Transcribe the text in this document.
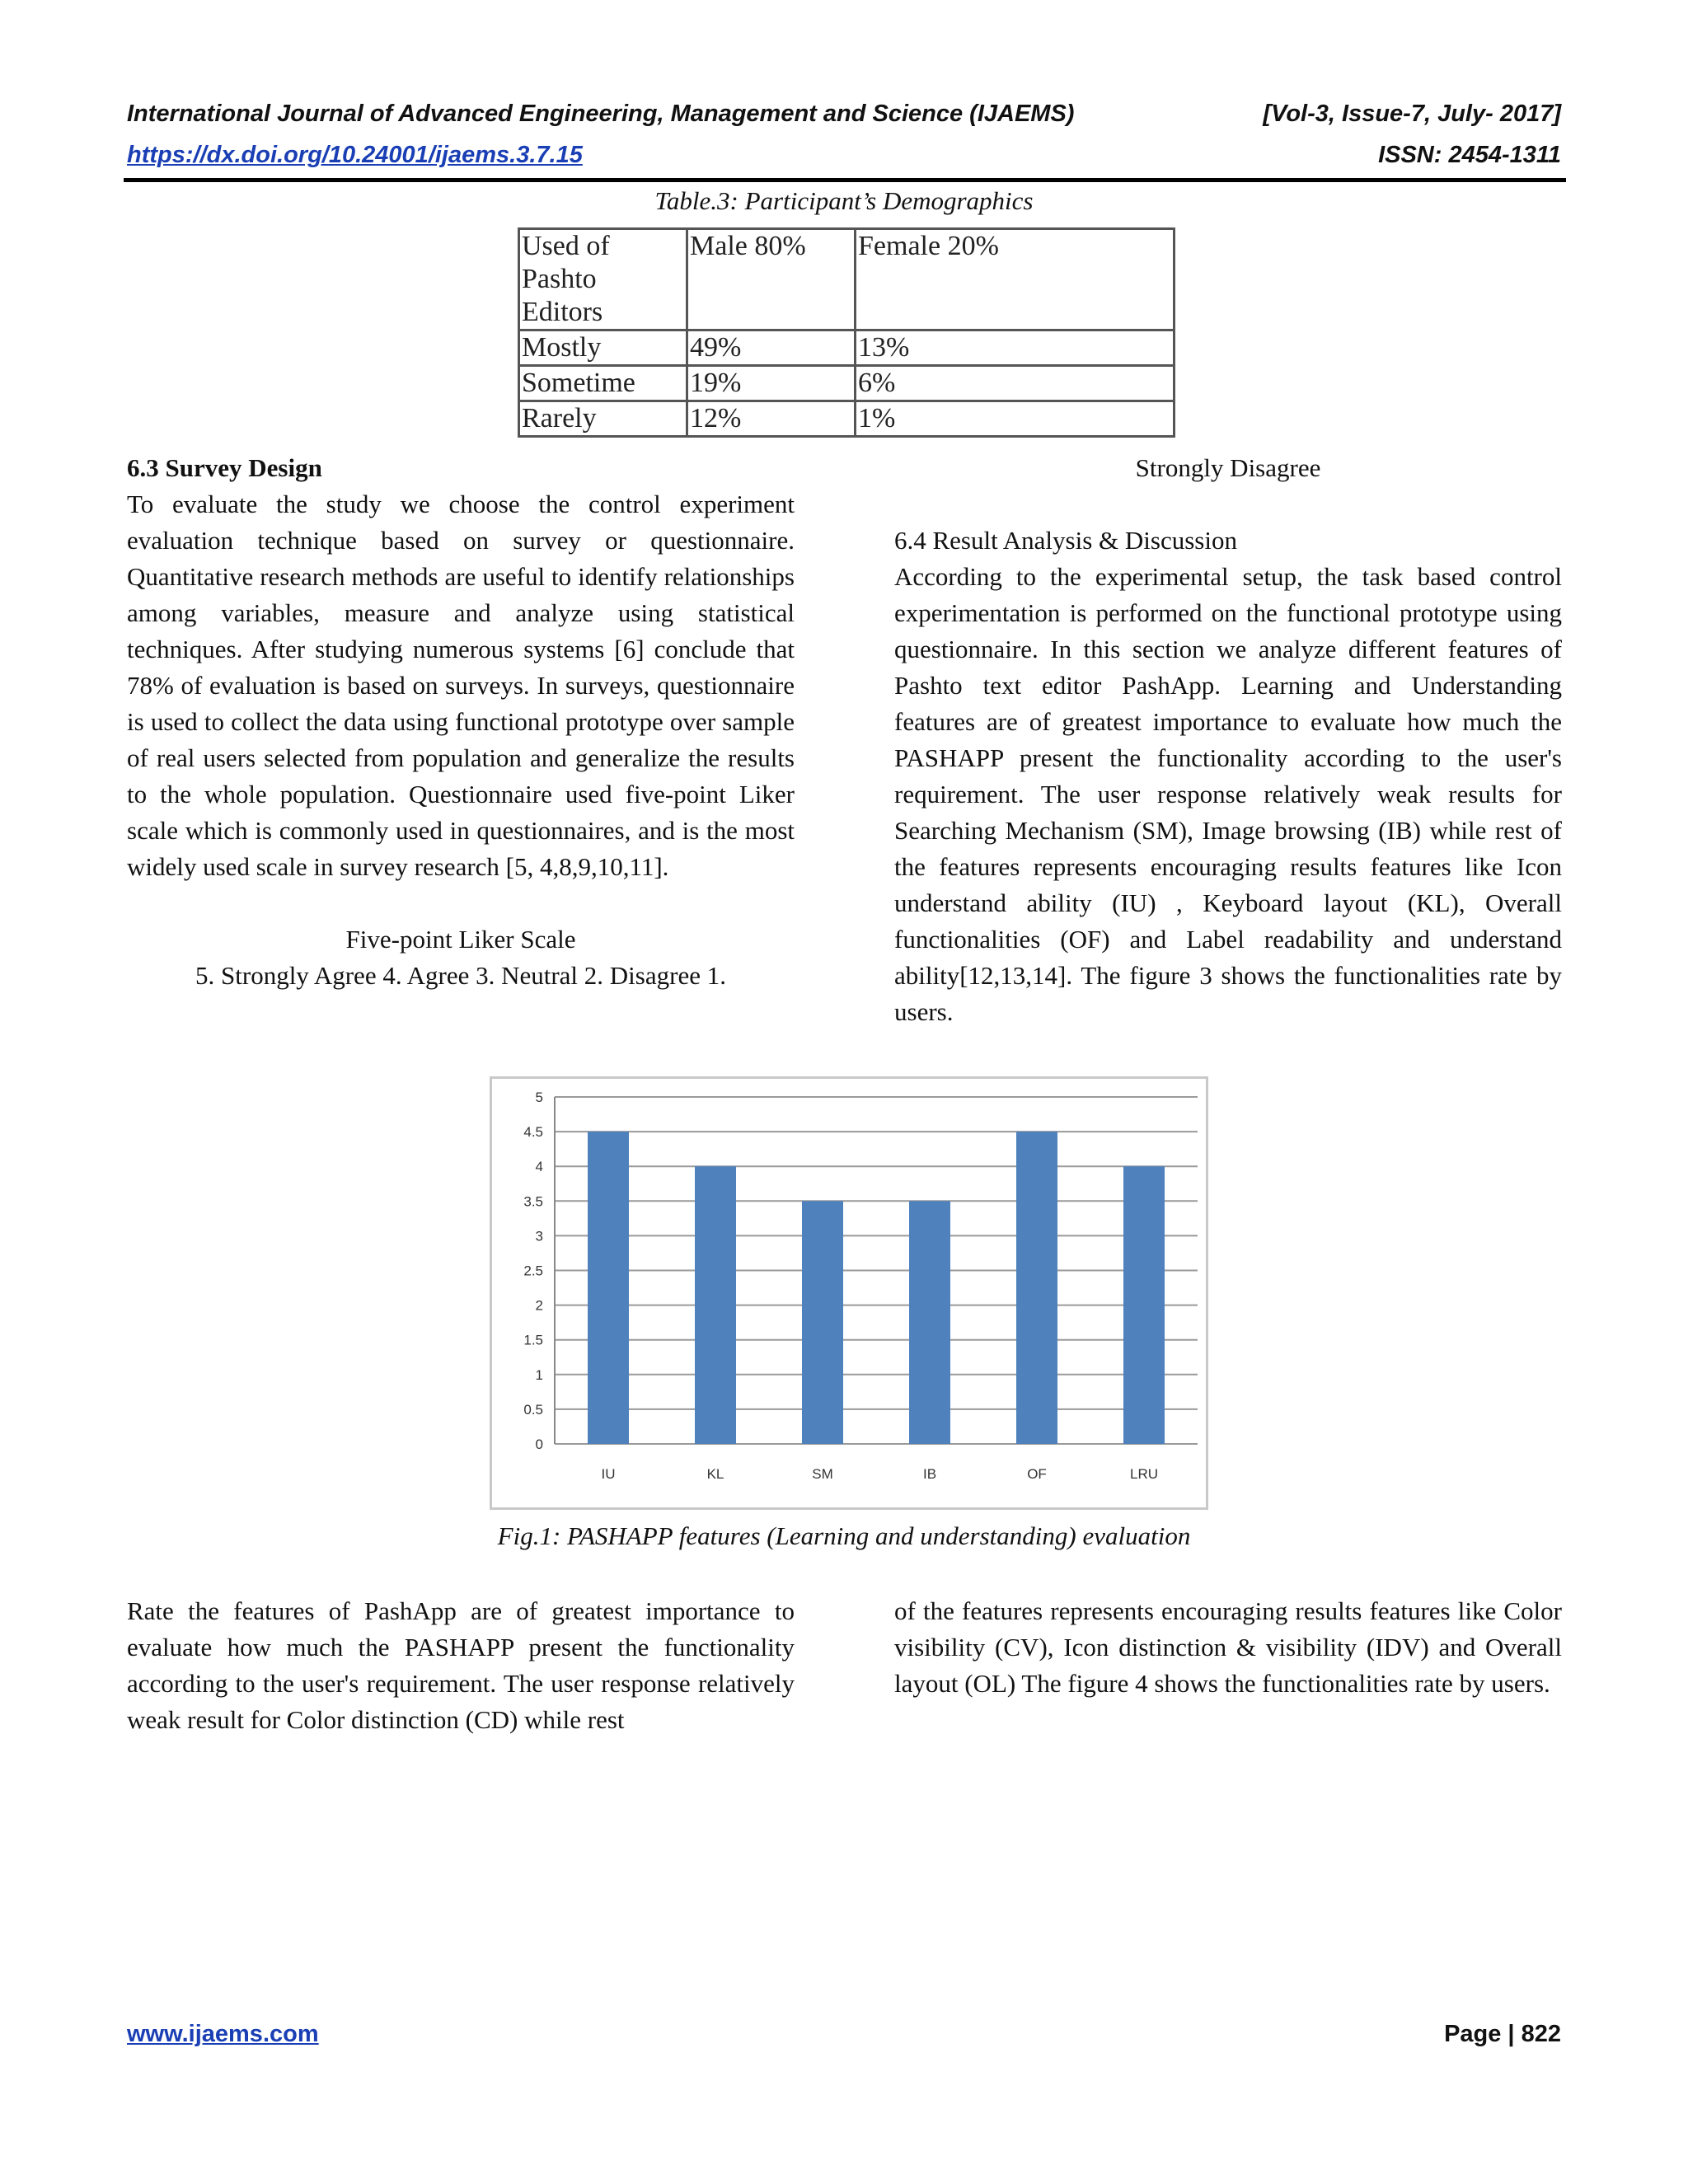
International Journal of Advanced Engineering, Management and Science (IJAEMS)	[Vol-3, Issue-7, July- 2017]
https://dx.doi.org/10.24001/ijaems.3.7.15	ISSN: 2454-1311
Table.3: Participant’s Demographics
Used of Pashto Editors	Male 80%	Female 20%
Mostly	49%	13%
Sometime	19%	6%
Rarely	12%	1%

6.3 Survey Design

To evaluate the study we choose the control experiment evaluation technique based on survey or questionnaire. Quantitative research methods are useful to identify relationships among variables, measure and analyze using statistical techniques. After studying numerous systems [6] conclude that 78% of evaluation is based on surveys. In surveys, questionnaire is used to collect the data using functional prototype over sample of real users selected from population and generalize the results to the whole population. Questionnaire used five-point Liker scale which is commonly used in questionnaires, and is the most widely used scale in survey research [5, 4,8,9,10,11].

Five-point Liker Scale

5. Strongly Agree 4. Agree 3. Neutral 2. Disagree 1.

Strongly Disagree

6.4 Result Analysis & Discussion

According to the experimental setup, the task based control experimentation is performed on the functional prototype using questionnaire. In this section we analyze different features of Pashto text editor PashApp. Learning and Understanding features are of greatest importance to evaluate how much the PASHAPP present the functionality according to the user's requirement. The user response relatively weak results for Searching Mechanism (SM), Image browsing (IB) while rest of the features represents encouraging results features like Icon understand ability (IU) , Keyboard layout (KL), Overall functionalities (OF) and Label readability and understand ability[12,13,14]. The figure 3 shows the functionalities rate by users.

0
0.5
1
1.5
2
2.5
3
3.5
4
4.5
5
IU	KL	SM	IB	OF	LRU
Fig.1: PASHAPP features (Learning and understanding) evaluation
Rate the features of PashApp are of greatest importance to evaluate how much the PASHAPP present the functionality according to the user's requirement. The user response relatively weak result for Color distinction (CD) while rest
of the features represents encouraging results features like Color visibility (CV), Icon distinction & visibility (IDV) and Overall layout (OL) The figure 4 shows the functionalities rate by users.
www.ijaems.com	Page | 822
